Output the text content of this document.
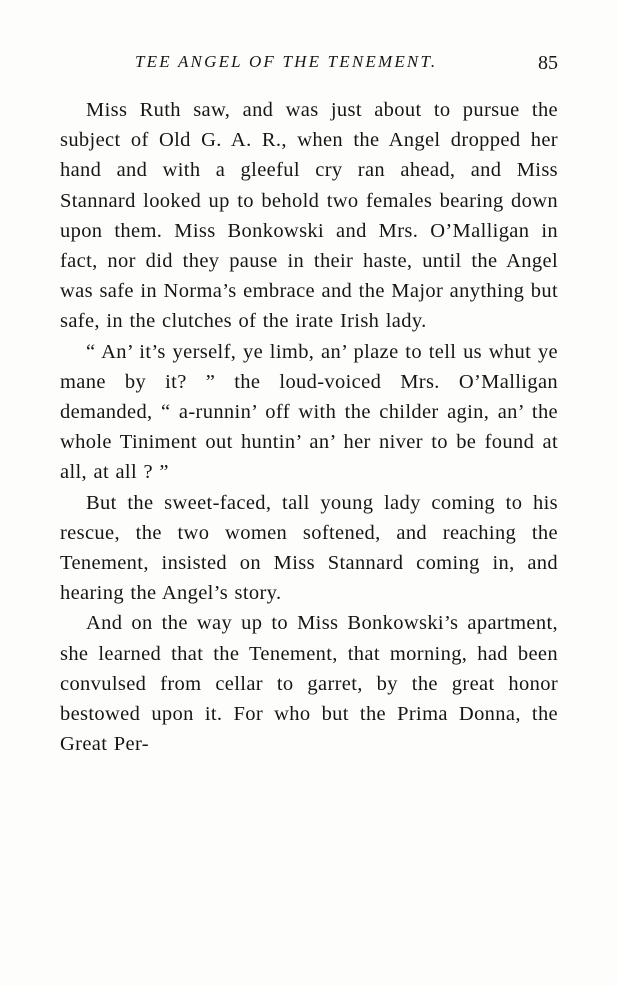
TEE ANGEL OF THE TENEMENT.	85

Miss Ruth saw, and was just about to pursue the subject of Old G. A. R., when the Angel dropped her hand and with a gleeful cry ran ahead, and Miss Stannard looked up to behold two females bearing down upon them. Miss Bonkowski and Mrs. O’Malligan in fact, nor did they pause in their haste, until the Angel was safe in Norma’s embrace and the Major anything but safe, in the clutches of the irate Irish lady.

“ An’ it’s yerself, ye limb, an’ plaze to tell us whut ye mane by it? ” the loud-voiced Mrs. O’Malligan demanded, “ a-runnin’ off with the childer agin, an’ the whole Tiniment out huntin’ an’ her niver to be found at all, at all ? ”

But the sweet-faced, tall young lady coming to his rescue, the two women softened, and reaching the Tenement, insisted on Miss Stannard coming in, and hearing the Angel’s story.

And on the way up to Miss Bonkowski’s apartment, she learned that the Tenement, that morning, had been convulsed from cellar to garret, by the great honor bestowed upon it. For who but the Prima Donna, the Great Per-
